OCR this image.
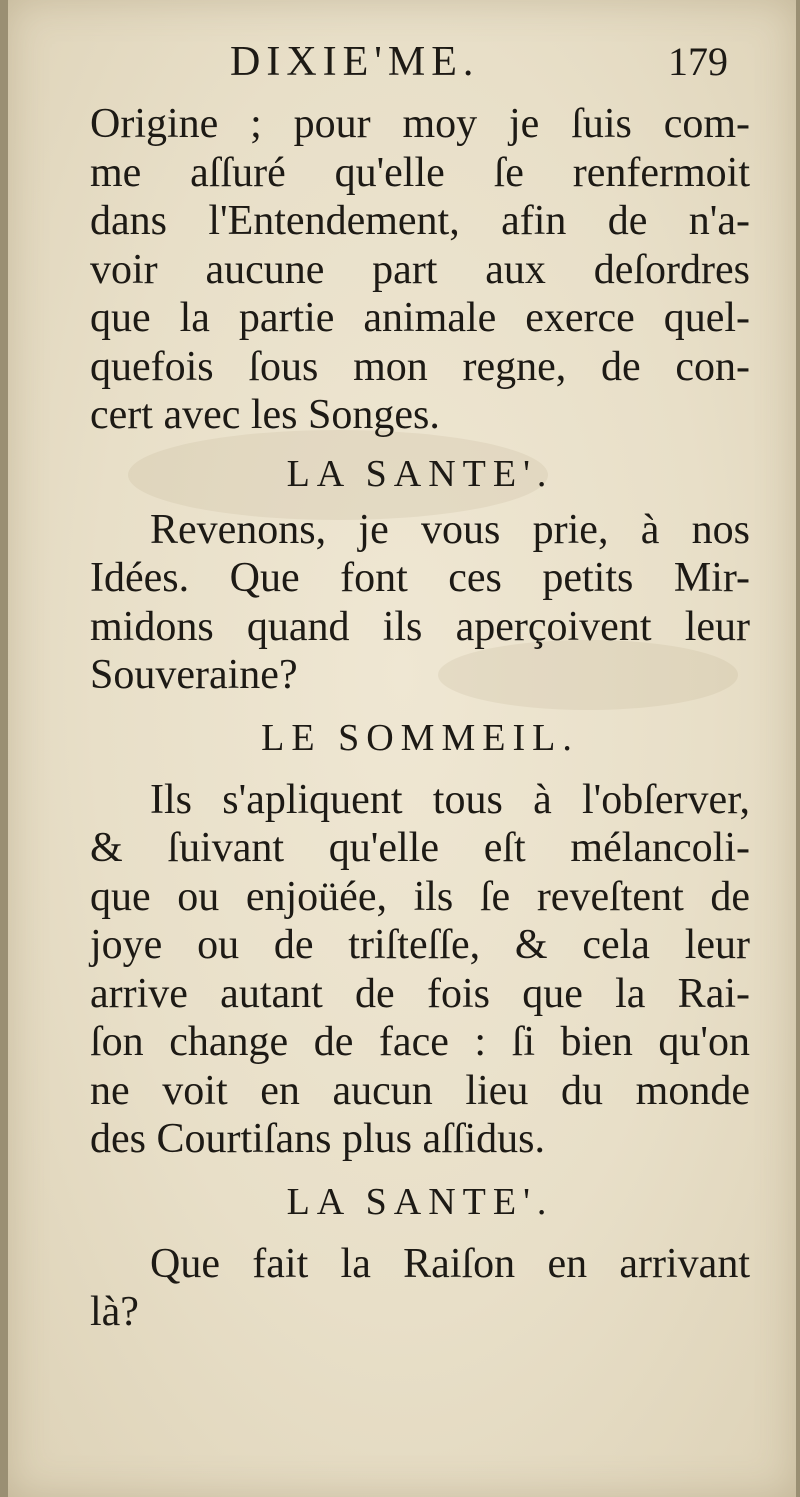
DIXIE'ME.	179
Origine ; pour moy je ſuis com-
me aſſuré qu'elle ſe renfermoit
dans l'Entendement, afin de n'a-
voir aucune part aux deſordres
que la partie animale exerce quel-
quefois ſous mon regne, de con-
cert avec les Songes.
LA SANTE'.
Revenons, je vous prie, à nos
Idées. Que font ces petits Mir-
midons quand ils aperçoivent leur
Souveraine?
LE SOMMEIL.
Ils s'apliquent tous à l'obſerver,
& ſuivant qu'elle eſt mélancoli-
que ou enjoüée, ils ſe reveſtent de
joye ou de triſteſſe, & cela leur
arrive autant de fois que la Rai-
ſon change de face : ſi bien qu'on
ne voit en aucun lieu du monde
des Courtiſans plus aſſidus.
LA SANTE'.
Que fait la Raiſon en arrivant
là?
